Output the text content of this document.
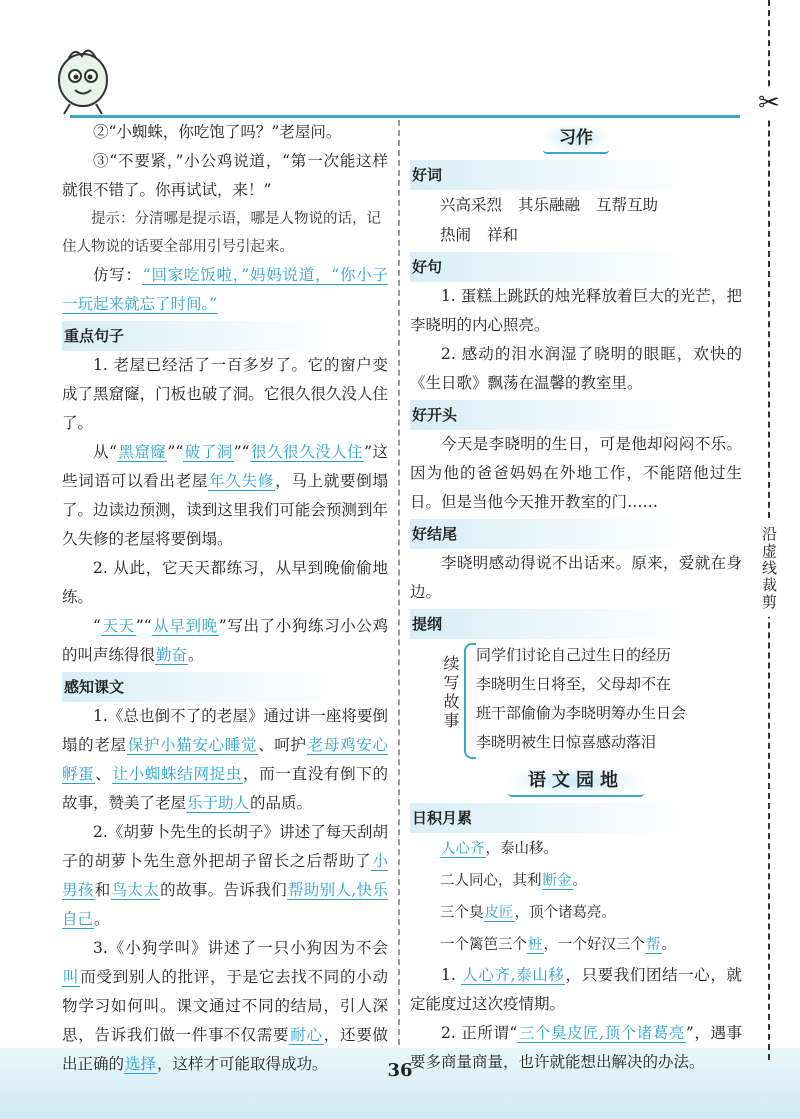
36
✂
沿虚线裁剪

②“小蜘蛛，你吃饱了吗？”老屋问。

③“不要紧，”小公鸡说道，“第一次能这样就很不错了。你再试试，来！”

提示：分清哪是提示语，哪是人物说的话，记住人物说的话要全部用引号引起来。

仿写：“回家吃饭啦，”妈妈说道，“你小子一玩起来就忘了时间。”

重点句子

1. 老屋已经活了一百多岁了。它的窗户变成了黑窟窿，门板也破了洞。它很久很久没人住了。

从“黑窟窿”“破了洞”“很久很久没人住”这些词语可以看出老屋年久失修，马上就要倒塌了。边读边预测，读到这里我们可能会预测到年久失修的老屋将要倒塌。

2. 从此，它天天都练习，从早到晚偷偷地练。

“天天”“从早到晚”写出了小狗练习小公鸡的叫声练得很勤奋。

感知课文

1.《总也倒不了的老屋》通过讲一座将要倒塌的老屋保护小猫安心睡觉、呵护老母鸡安心孵蛋、让小蜘蛛结网捉虫，而一直没有倒下的故事，赞美了老屋乐于助人的品质。

2.《胡萝卜先生的长胡子》讲述了每天刮胡子的胡萝卜先生意外把胡子留长之后帮助了小男孩和鸟太太的故事。告诉我们帮助别人,快乐自己。

3.《小狗学叫》讲述了一只小狗因为不会叫而受到别人的批评，于是它去找不同的小动物学习如何叫。课文通过不同的结局，引人深思，告诉我们做一件事不仅需要耐心，还要做出正确的选择，这样才可能取得成功。

习作
好词

兴高采烈 其乐融融 互帮互助

热闹 祥和

好句

1. 蛋糕上跳跃的烛光释放着巨大的光芒，把李晓明的内心照亮。

2. 感动的泪水润湿了晓明的眼眶，欢快的《生日歌》飘荡在温馨的教室里。

好开头

今天是李晓明的生日，可是他却闷闷不乐。因为他的爸爸妈妈在外地工作，不能陪他过生日。但是当他今天推开教室的门……

好结尾

李晓明感动得说不出话来。原来，爱就在身边。

提纲
续写故事 同学们讨论自己过生日的经历
李晓明生日将至，父母却不在
班干部偷偷为李晓明筹办生日会
李晓明被生日惊喜感动落泪
语文园地
日积月累

人心齐，泰山移。

二人同心，其利断金。

三个臭皮匠，顶个诸葛亮。

一个篱笆三个桩，一个好汉三个帮。

1. 人心齐,泰山移，只要我们团结一心，就定能度过这次疫情期。

2. 正所谓“三个臭皮匠,顶个诸葛亮”，遇事要多商量商量，也许就能想出解决的办法。
